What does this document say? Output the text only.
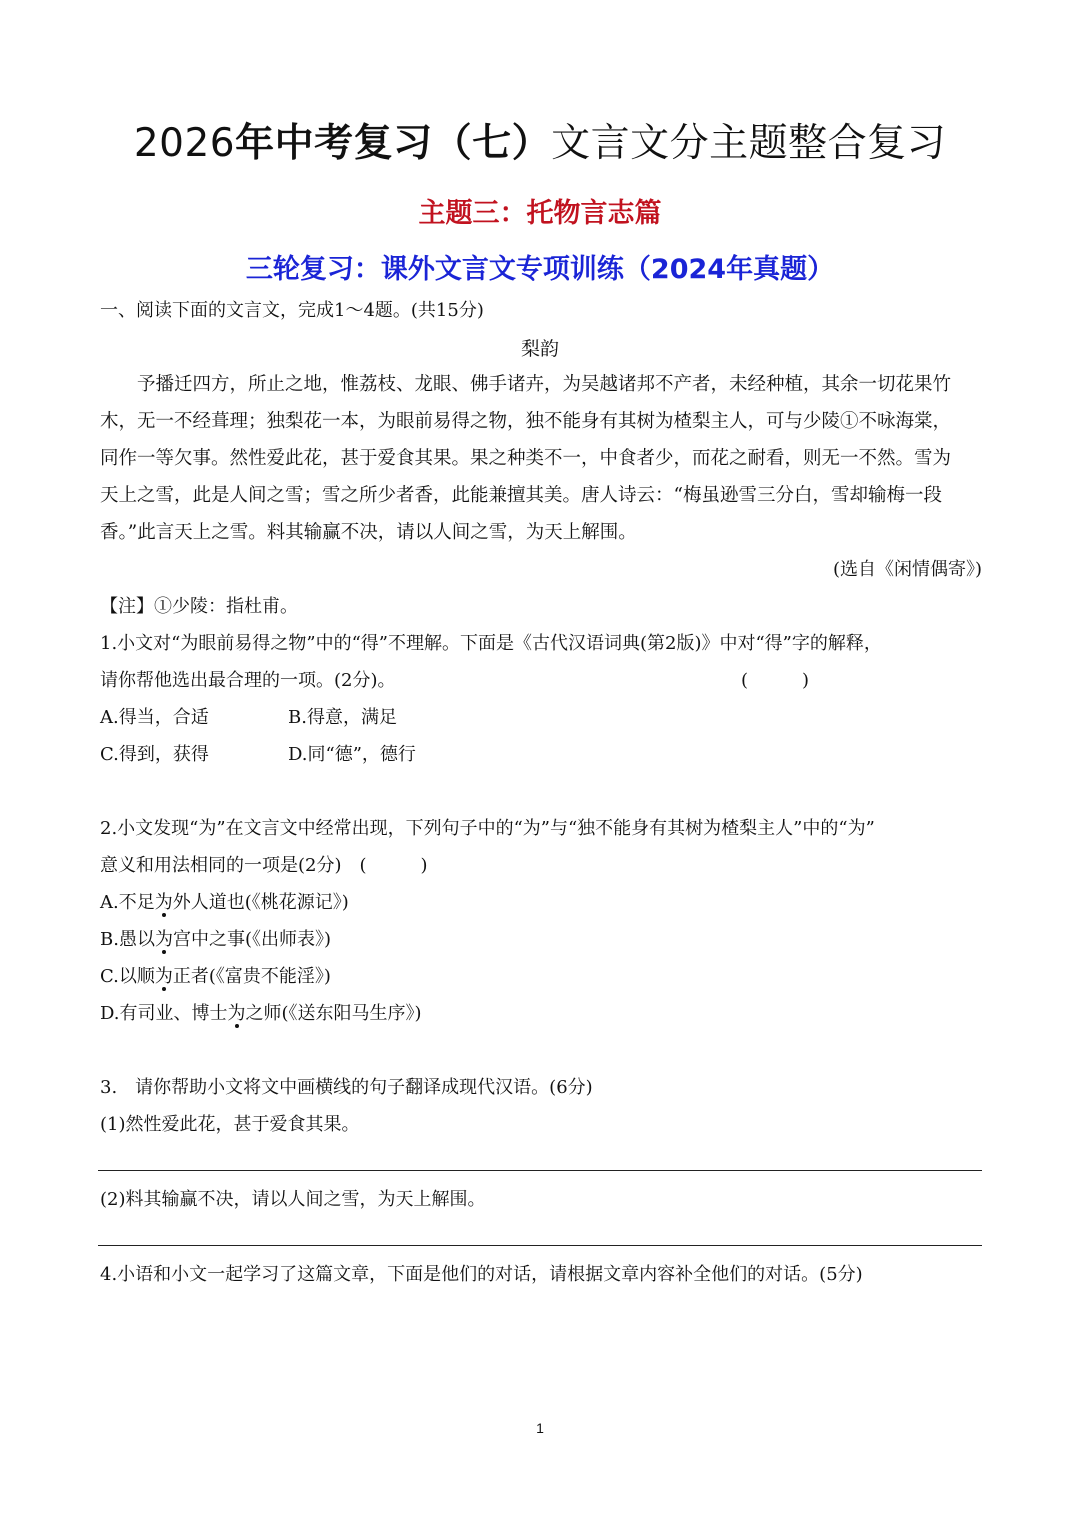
2026年中考复习（七）文言文分主题整合复习
主题三：托物言志篇
三轮复习：课外文言文专项训练（2024年真题）
一、阅读下面的文言文，完成1～4题。(共15分)
梨韵
　　予播迁四方，所止之地，惟荔枝、龙眼、佛手诸卉，为吴越诸邦不产者，未经种植，其余一切花果竹
木，无一不经葺理；独梨花一本，为眼前易得之物，独不能身有其树为楂梨主人，可与少陵①不咏海棠，
同作一等欠事。然性爱此花，甚于爱食其果。果之种类不一，中食者少，而花之耐看，则无一不然。雪为
天上之雪，此是人间之雪；雪之所少者香，此能兼擅其美。唐人诗云：“梅虽逊雪三分白，雪却输梅一段
香。”此言天上之雪。料其输赢不决，请以人间之雪，为天上解围。
(选自《闲情偶寄》)
【注】①少陵：指杜甫。
1.小文对“为眼前易得之物”中的“得”不理解。下面是《古代汉语词典(第2版)》中对“得”字的解释，
请你帮他选出最合理的一项。(2分)。	(　　　)
A.得当，合适	B.得意，满足
C.得到，获得	D.同“德”，德行
2.小文发现“为”在文言文中经常出现，下列句子中的“为”与“独不能身有其树为楂梨主人”中的“为”
意义和用法相同的一项是(2分)　(　　　)
A.不足为
外人道也(《桃花源记》)
B.愚以为
宫中之事(《出师表》)
C.以顺为
正者(《富贵不能淫》)
D.有司业、博士为
之师(《送东阳马生序》)
3.　请你帮助小文将文中画横线的句子翻译成现代汉语。(6分)
(1)然性爱此花，甚于爱食其果。
(2)料其输赢不决，请以人间之雪，为天上解围。
4.小语和小文一起学习了这篇文章，下面是他们的对话，请根据文章内容补全他们的对话。(5分)
1
